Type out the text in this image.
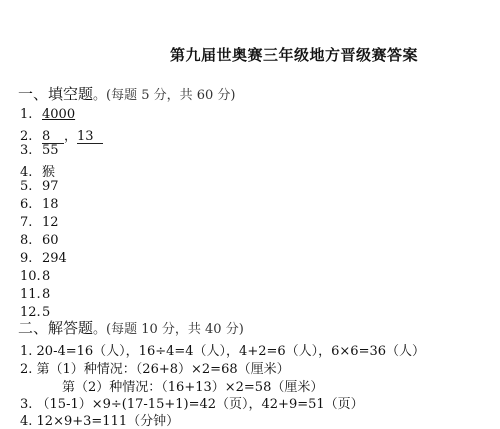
第九届世奥赛三年级地方晋级赛答案
一、填空题。(每题 5 分，共 60 分)
1. 4000
2. 8 ，13
3. 55
4. 猴
5. 97
6. 18
7. 12
8. 60
9. 294
10.8
11.8
12.5
二、解答题。(每题 10 分，共 40 分)
1. 20-4=16（人），16÷4=4（人），4+2=6（人），6×6=36（人）
2. 第（1）种情况：（26+8）×2=68（厘米）
第（2）种情况：（16+13）×2=58（厘米）
3. （15-1）×9÷(17-15+1)=42（页），42+9=51（页）
4. 12×9+3=111（分钟）
